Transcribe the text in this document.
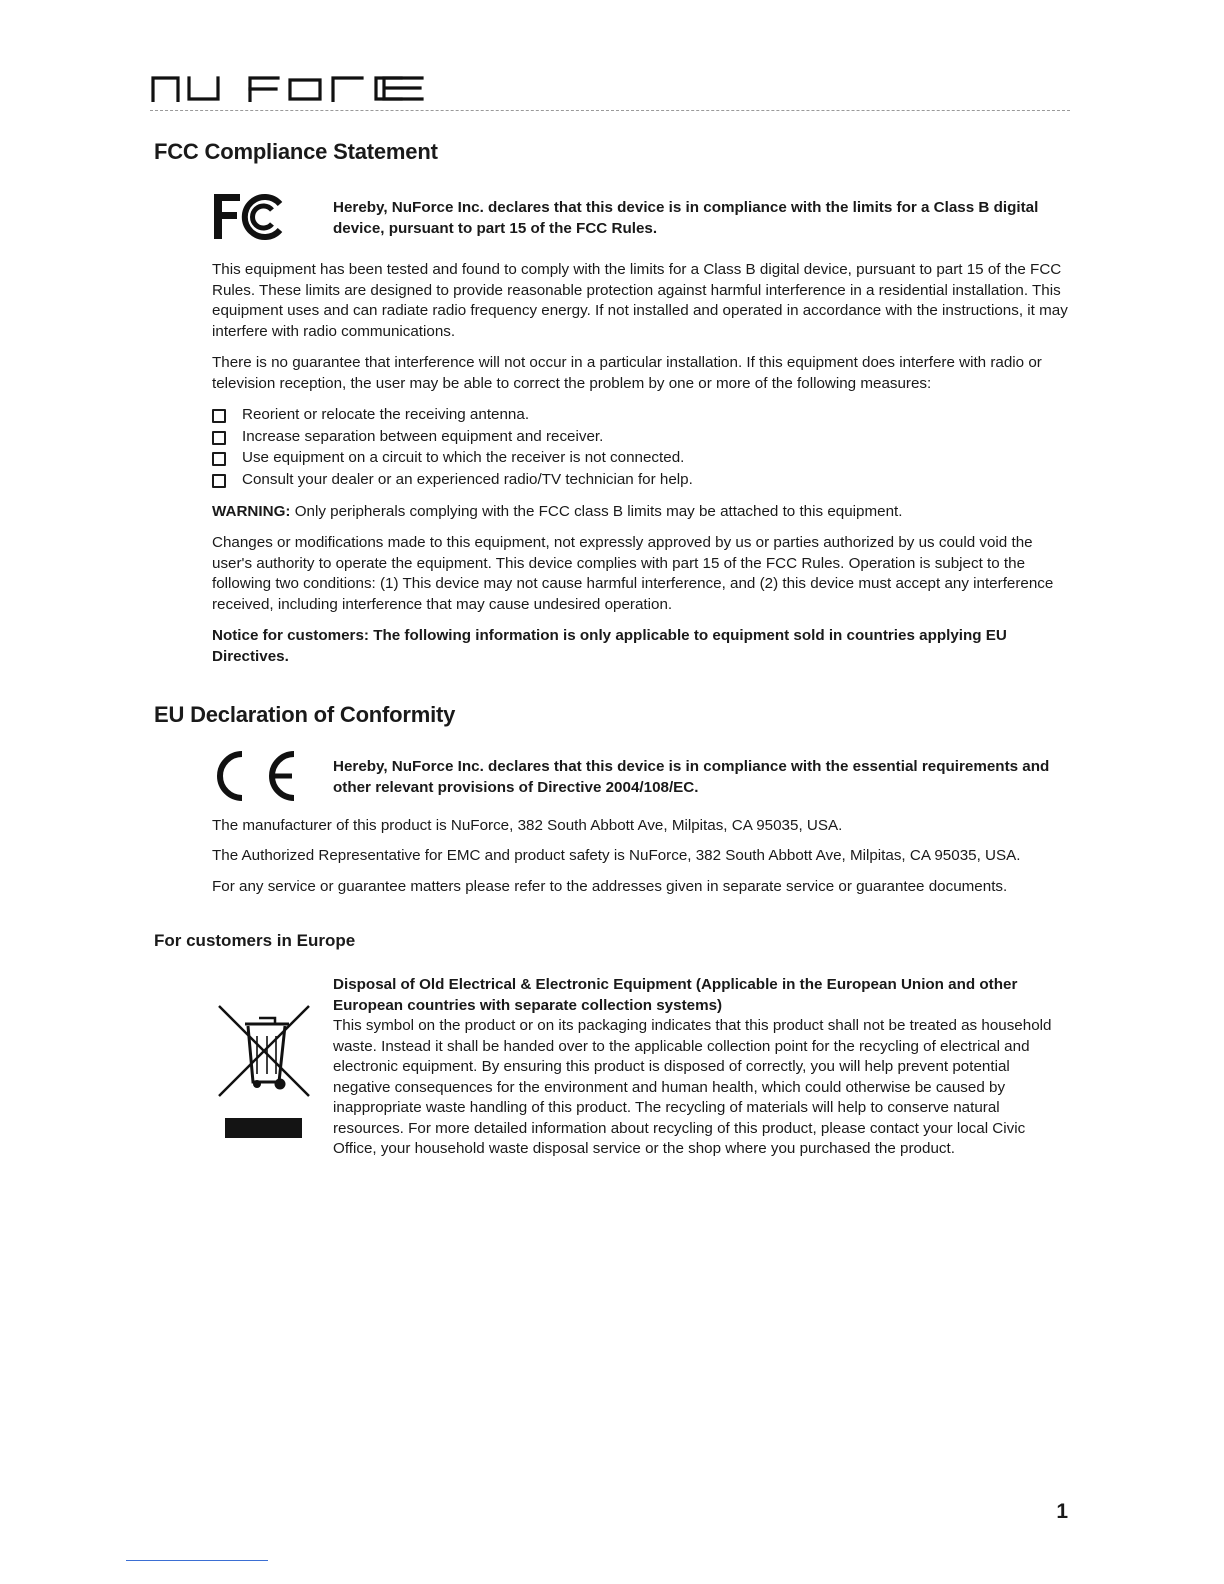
FCC Compliance Statement

Hereby, NuForce Inc. declares that this device is in compliance with the limits for a Class B digital device, pursuant to part 15 of the FCC Rules.

This equipment has been tested and found to comply with the limits for a Class B digital device, pursuant to part 15 of the FCC Rules. These limits are designed to provide reasonable protection against harmful interference in a residential installation. This equipment uses and can radiate radio frequency energy. If not installed and operated in accordance with the instructions, it may interfere with radio communications.

There is no guarantee that interference will not occur in a particular installation. If this equipment does interfere with radio or television reception, the user may be able to correct the problem by one or more of the following measures:

Reorient or relocate the receiving antenna.
Increase separation between equipment and receiver.
Use equipment on a circuit to which the receiver is not connected.
Consult your dealer or an experienced radio/TV technician for help.

WARNING: Only peripherals complying with the FCC class B limits may be attached to this equipment.

Changes or modifications made to this equipment, not expressly approved by us or parties authorized by us could void the user's authority to operate the equipment. This device complies with part 15 of the FCC Rules. Operation is subject to the following two conditions: (1) This device may not cause harmful interference, and (2) this device must accept any interference received, including interference that may cause undesired operation.

Notice for customers: The following information is only applicable to equipment sold in countries applying EU Directives.

EU Declaration of Conformity

Hereby, NuForce Inc. declares that this device is in compliance with the essential requirements and other relevant provisions of Directive 2004/108/EC.

The manufacturer of this product is NuForce, 382 South Abbott Ave, Milpitas, CA 95035, USA.

The Authorized Representative for EMC and product safety is NuForce, 382 South Abbott Ave, Milpitas, CA 95035, USA.

For any service or guarantee matters please refer to the addresses given in separate service or guarantee documents.

For customers in Europe

Disposal of Old Electrical & Electronic Equipment (Applicable in the European Union and other European countries with separate collection systems)

This symbol on the product or on its packaging indicates that this product shall not be treated as household waste. Instead it shall be handed over to the applicable collection point for the recycling of electrical and electronic equipment. By ensuring this product is disposed of correctly, you will help prevent potential negative consequences for the environment and human health, which could otherwise be caused by inappropriate waste handling of this product. The recycling of materials will help to conserve natural resources. For more detailed information about recycling of this product, please contact your local Civic Office, your household waste disposal service or the shop where you purchased the product.

1
